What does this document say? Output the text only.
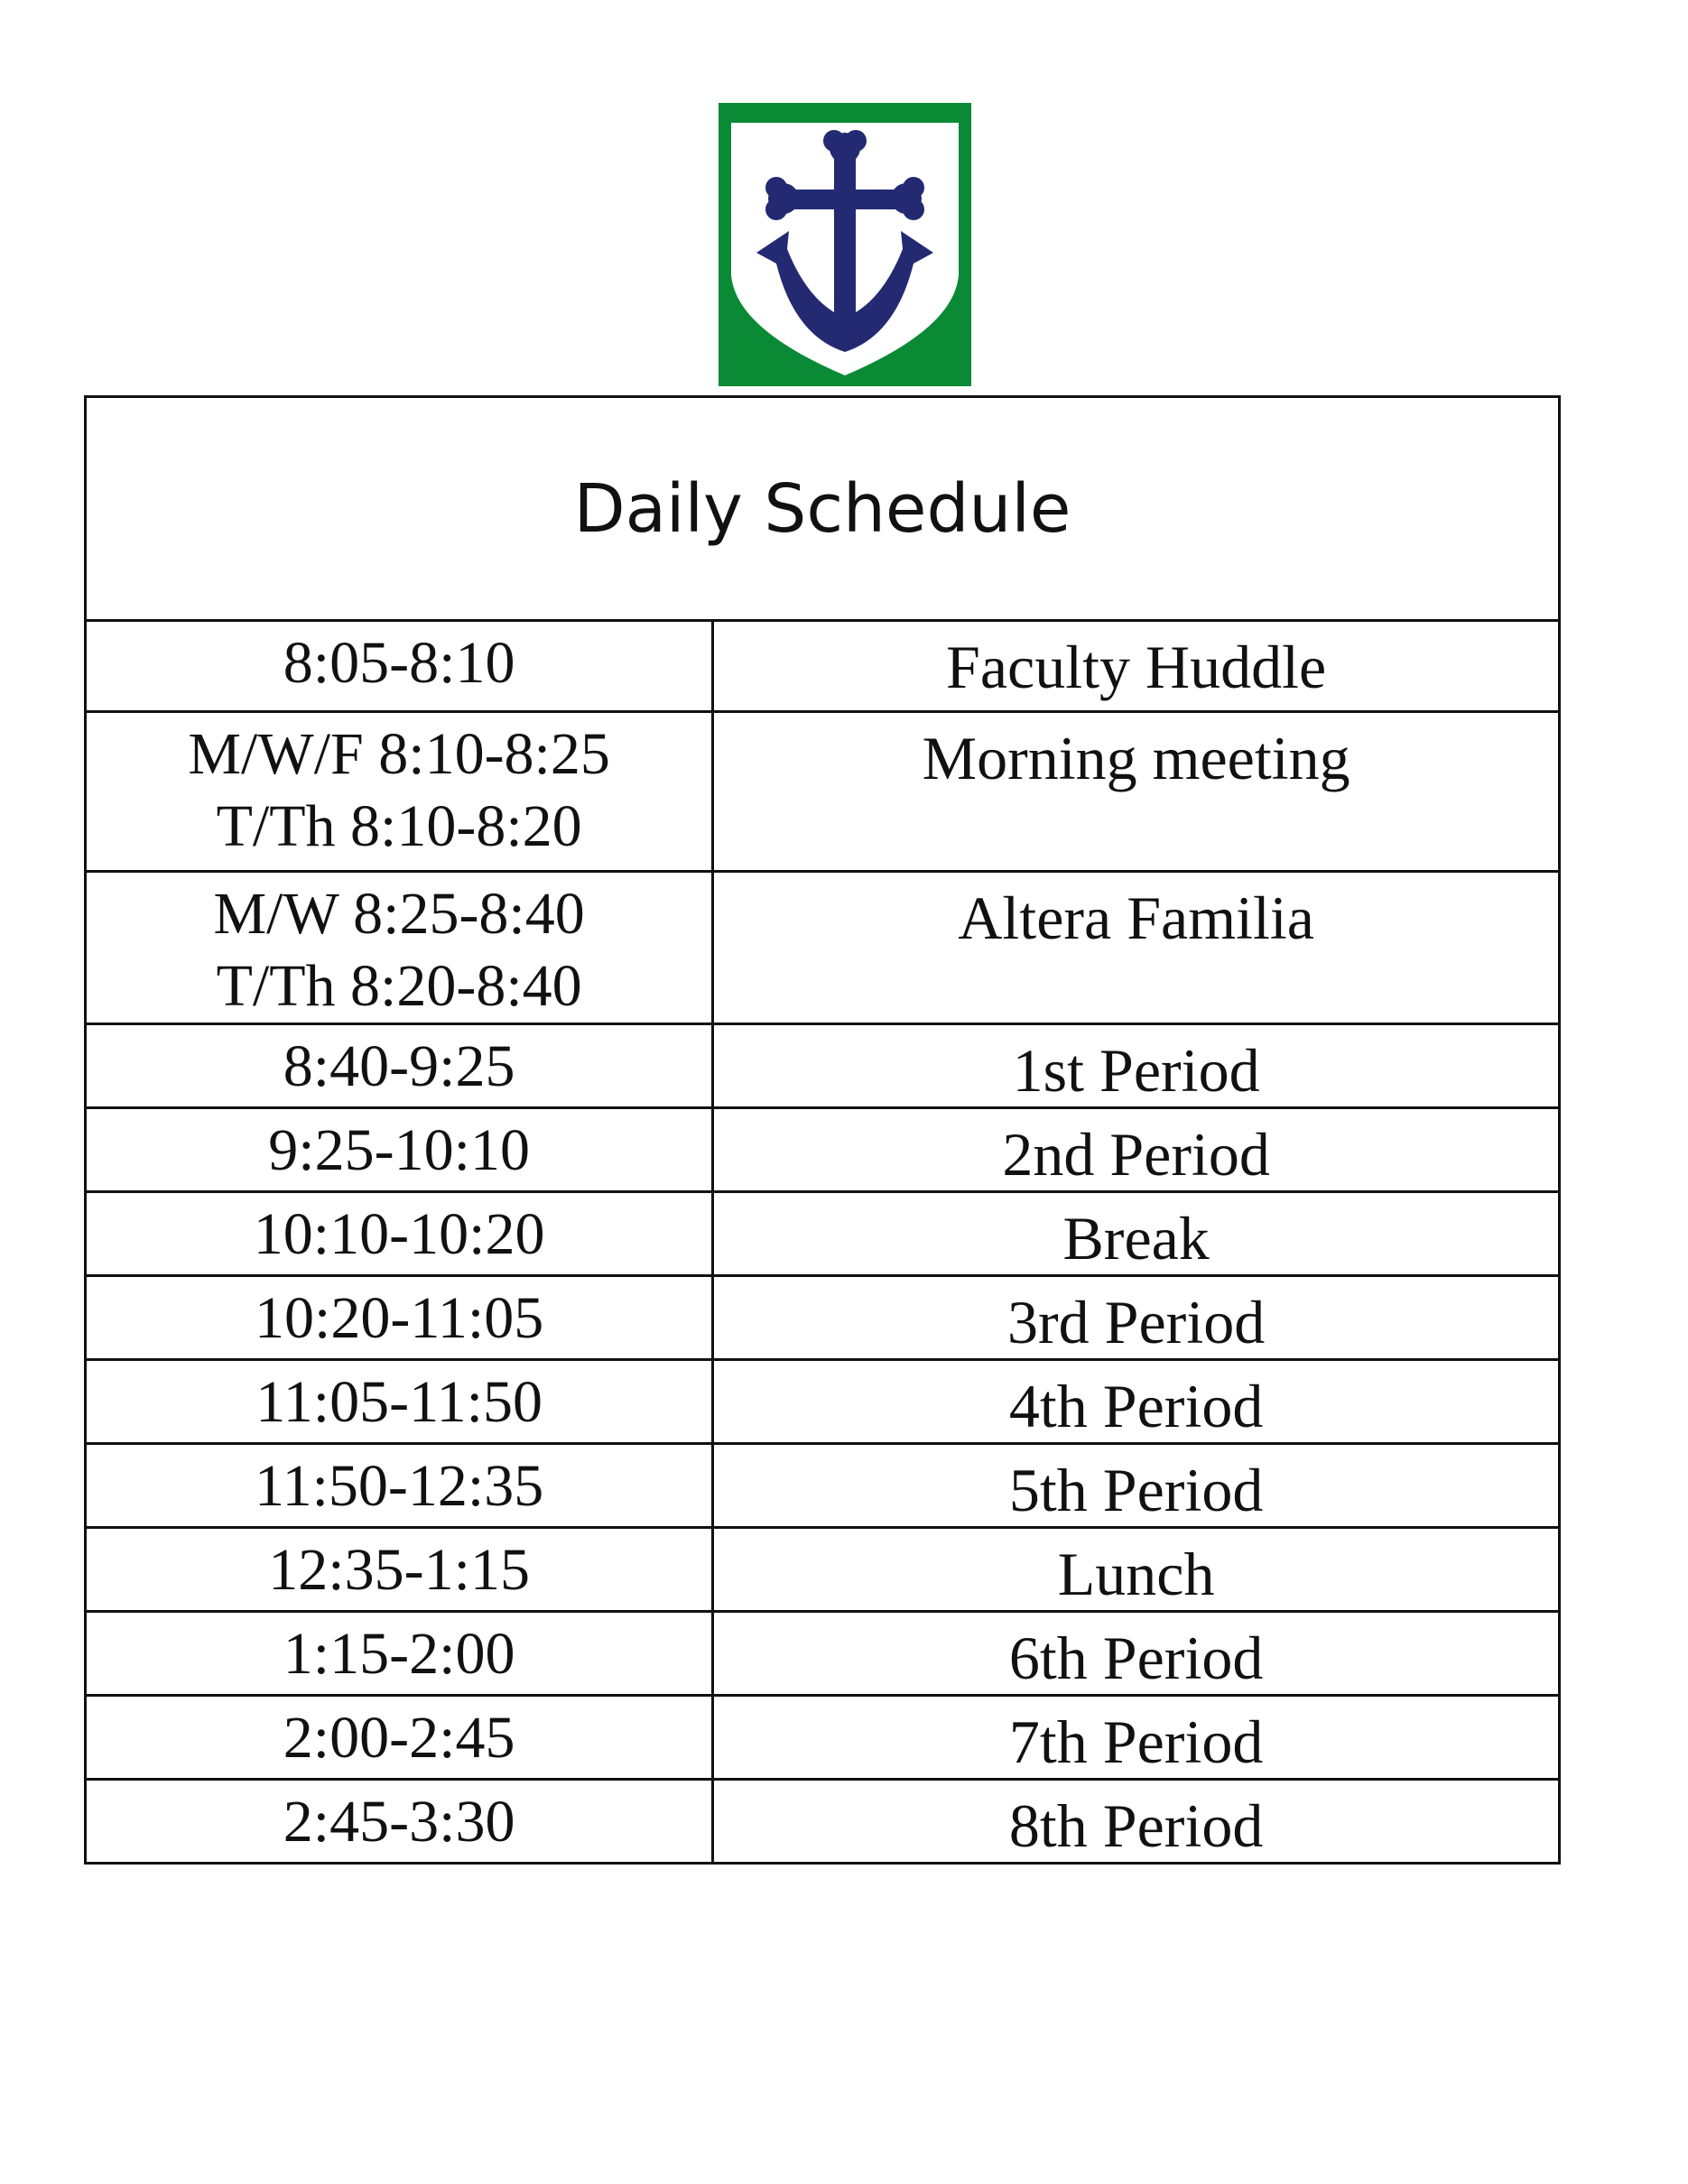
Daily Schedule	

8:05-8:10	Faculty Huddle

M/W/F 8:10-8:25
T/Th 8:10-8:20	Morning meeting

M/W 8:25-8:40
T/Th 8:20-8:40	Altera Familia

8:40-9:25	1st Period

9:25-10:10	2nd Period

10:10-10:20	Break

10:20-11:05	3rd Period

11:05-11:50	4th Period

11:50-12:35	5th Period

12:35-1:15	Lunch

1:15-2:00	6th Period

2:00-2:45	7th Period

2:45-3:30	8th Period
